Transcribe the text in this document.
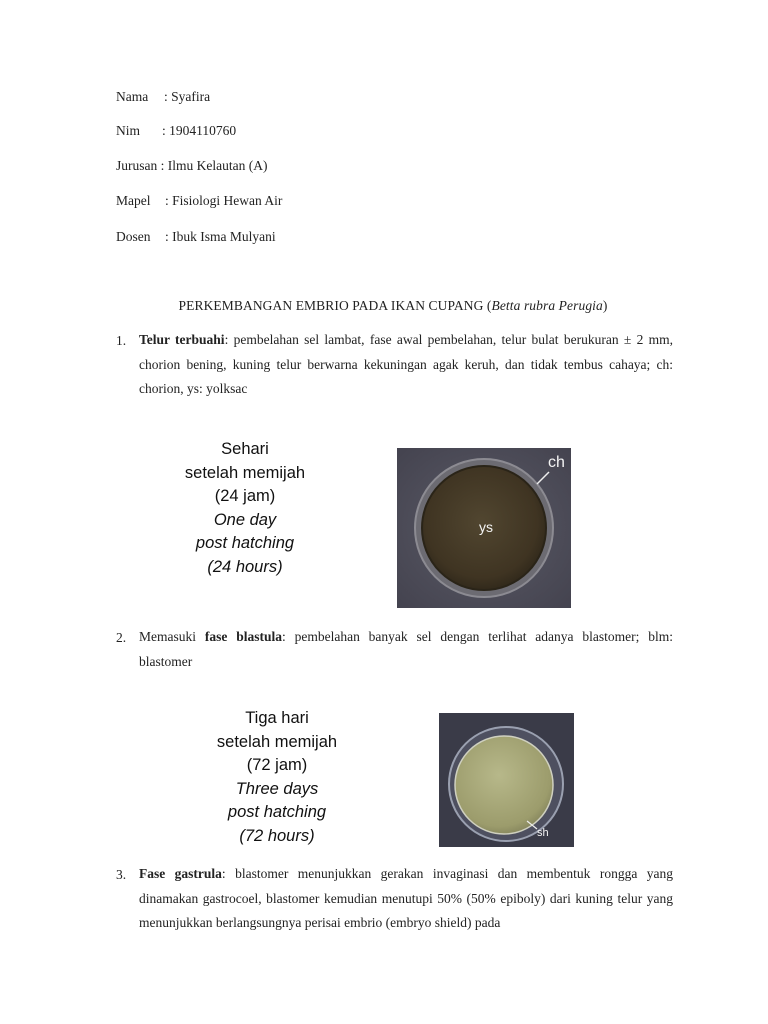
Nama : Syafira
Nim : 1904110760
Jurusan : Ilmu Kelautan (A)
Mapel : Fisiologi Hewan Air
Dosen : Ibuk Isma Mulyani
PERKEMBANGAN EMBRIO PADA IKAN CUPANG (Betta rubra Perugia)
1. Telur terbuahi: pembelahan sel lambat, fase awal pembelahan, telur bulat berukuran ± 2 mm, chorion bening, kuning telur berwarna kekuningan agak keruh, dan tidak tembus cahaya; ch: chorion, ys: yolksac
Sehari
setelah memijah
(24 jam)
One day
post hatching
(24 hours)
ch
ys
2. Memasuki fase blastula: pembelahan banyak sel dengan terlihat adanya blastomer; blm: blastomer
Tiga hari
setelah memijah
(72 jam)
Three days
post hatching
(72 hours)	sh
3. Fase gastrula: blastomer menunjukkan gerakan invaginasi dan membentuk rongga yang dinamakan gastrocoel, blastomer kemudian menutupi 50% (50% epiboly) dari kuning telur yang menunjukkan berlangsungnya perisai embrio (embryo shield) pada
